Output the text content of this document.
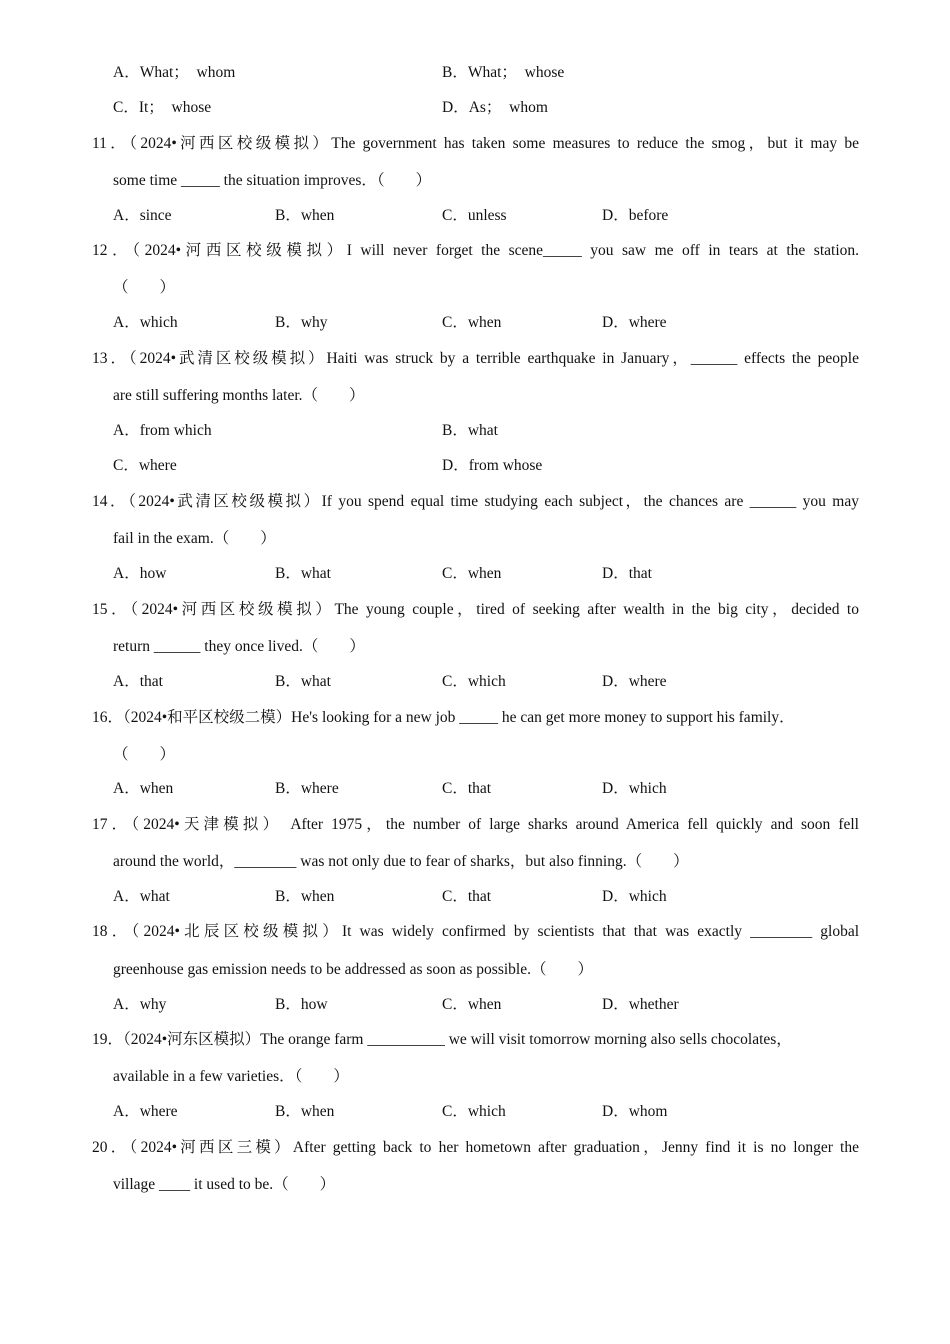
A．What；  whom	B．What；  whose
C．It；  whose	D．As；  whom
11．（2024•河西区校级模拟）The government has taken some measures to reduce the smog，but it may be
some time _____ the situation improves．（　　）
A．since	B．when	C．unless	D．before
12．（2024•河西区校级模拟）I will never forget the scene_____ you saw me off in tears at the station.
（　　）
A．which	B．why	C．when	D．where
13．（2024•武清区校级模拟）Haiti was struck by a terrible earthquake in January，______ effects the people
are still suffering months later.（　　）
A．from which	B．what
C．where	D．from whose
14．（2024•武清区校级模拟）If you spend equal time studying each subject，the chances are ______ you may
fail in the exam.（　　）
A．how	B．what	C．when	D．that
15．（2024•河西区校级模拟）The young couple，tired of seeking after wealth in the big city，decided to
return ______ they once lived.（　　）
A．that	B．what	C．which	D．where
16．（2024•和平区校级二模）He's looking for a new job _____ he can get more money to support his family．
（　　）
A．when	B．where	C．that	D．which
17．（2024•天津模拟） After 1975，the number of large sharks around America fell quickly and soon fell
around the world，________ was not only due to fear of sharks，but also finning.（　　）
A．what	B．when	C．that	D．which
18．（2024•北辰区校级模拟）It was widely confirmed by scientists that that was exactly ________ global
greenhouse gas emission needs to be addressed as soon as possible.（　　）
A．why	B．how	C．when	D．whether
19．（2024•河东区模拟）The orange farm __________ we will visit tomorrow morning also sells chocolates，
available in a few varieties．（　　）
A．where	B．when	C．which	D．whom
20．（2024•河西区三模）After getting back to her hometown after graduation，Jenny find it is no longer the
village ____ it used to be.（　　）
